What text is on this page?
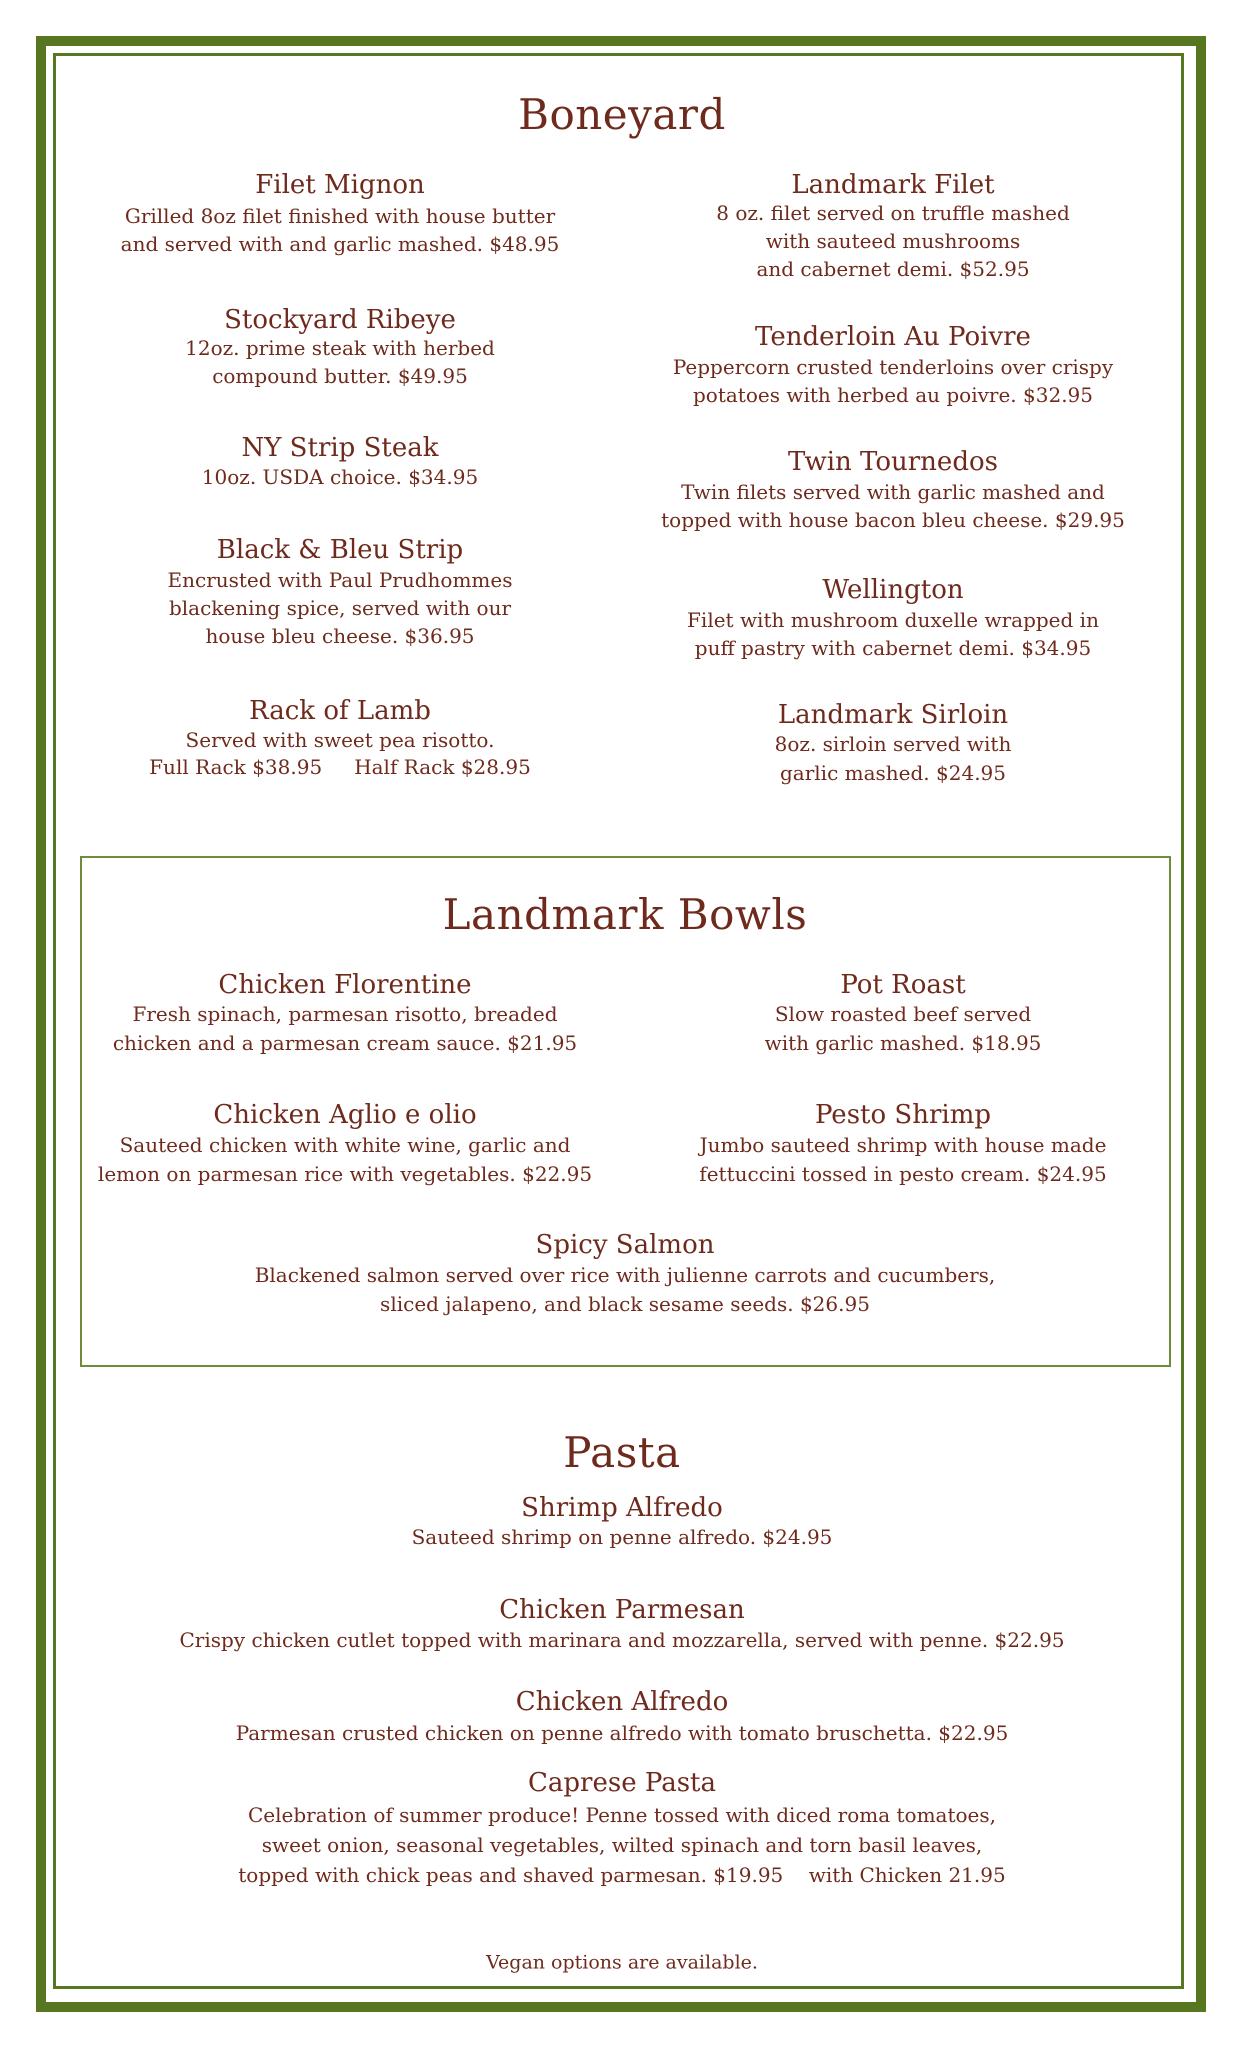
Boneyard
Filet Mignon
Grilled 8oz filet finished with house butter
and served with and garlic mashed. $48.95
Stockyard Ribeye
12oz. prime steak with herbed
compound butter. $49.95
NY Strip Steak
10oz. USDA choice. $34.95
Black & Bleu Strip
Encrusted with Paul Prudhommes
blackening spice, served with our
house bleu cheese. $36.95
Rack of Lamb
Served with sweet pea risotto.
Full Rack $38.95 Half Rack $28.95
Landmark Filet
8 oz. filet served on truffle mashed
with sauteed mushrooms
and cabernet demi. $52.95
Tenderloin Au Poivre
Peppercorn crusted tenderloins over crispy
potatoes with herbed au poivre. $32.95
Twin Tournedos
Twin filets served with garlic mashed and
topped with house bacon bleu cheese. $29.95
Wellington
Filet with mushroom duxelle wrapped in
puff pastry with cabernet demi. $34.95
Landmark Sirloin
8oz. sirloin served with
garlic mashed. $24.95
Landmark Bowls
Chicken Florentine
Fresh spinach, parmesan risotto, breaded
chicken and a parmesan cream sauce. $21.95
Pot Roast
Slow roasted beef served
with garlic mashed. $18.95
Chicken Aglio e olio
Sauteed chicken with white wine, garlic and
lemon on parmesan rice with vegetables. $22.95
Pesto Shrimp
Jumbo sauteed shrimp with house made
fettuccini tossed in pesto cream. $24.95
Spicy Salmon
Blackened salmon served over rice with julienne carrots and cucumbers,
sliced jalapeno, and black sesame seeds. $26.95
Pasta
Shrimp Alfredo
Sauteed shrimp on penne alfredo. $24.95
Chicken Parmesan
Crispy chicken cutlet topped with marinara and mozzarella, served with penne. $22.95
Chicken Alfredo
Parmesan crusted chicken on penne alfredo with tomato bruschetta. $22.95
Caprese Pasta
Celebration of summer produce! Penne tossed with diced roma tomatoes,
sweet onion, seasonal vegetables, wilted spinach and torn basil leaves,
topped with chick peas and shaved parmesan. $19.95    with Chicken 21.95
Vegan options are available.
